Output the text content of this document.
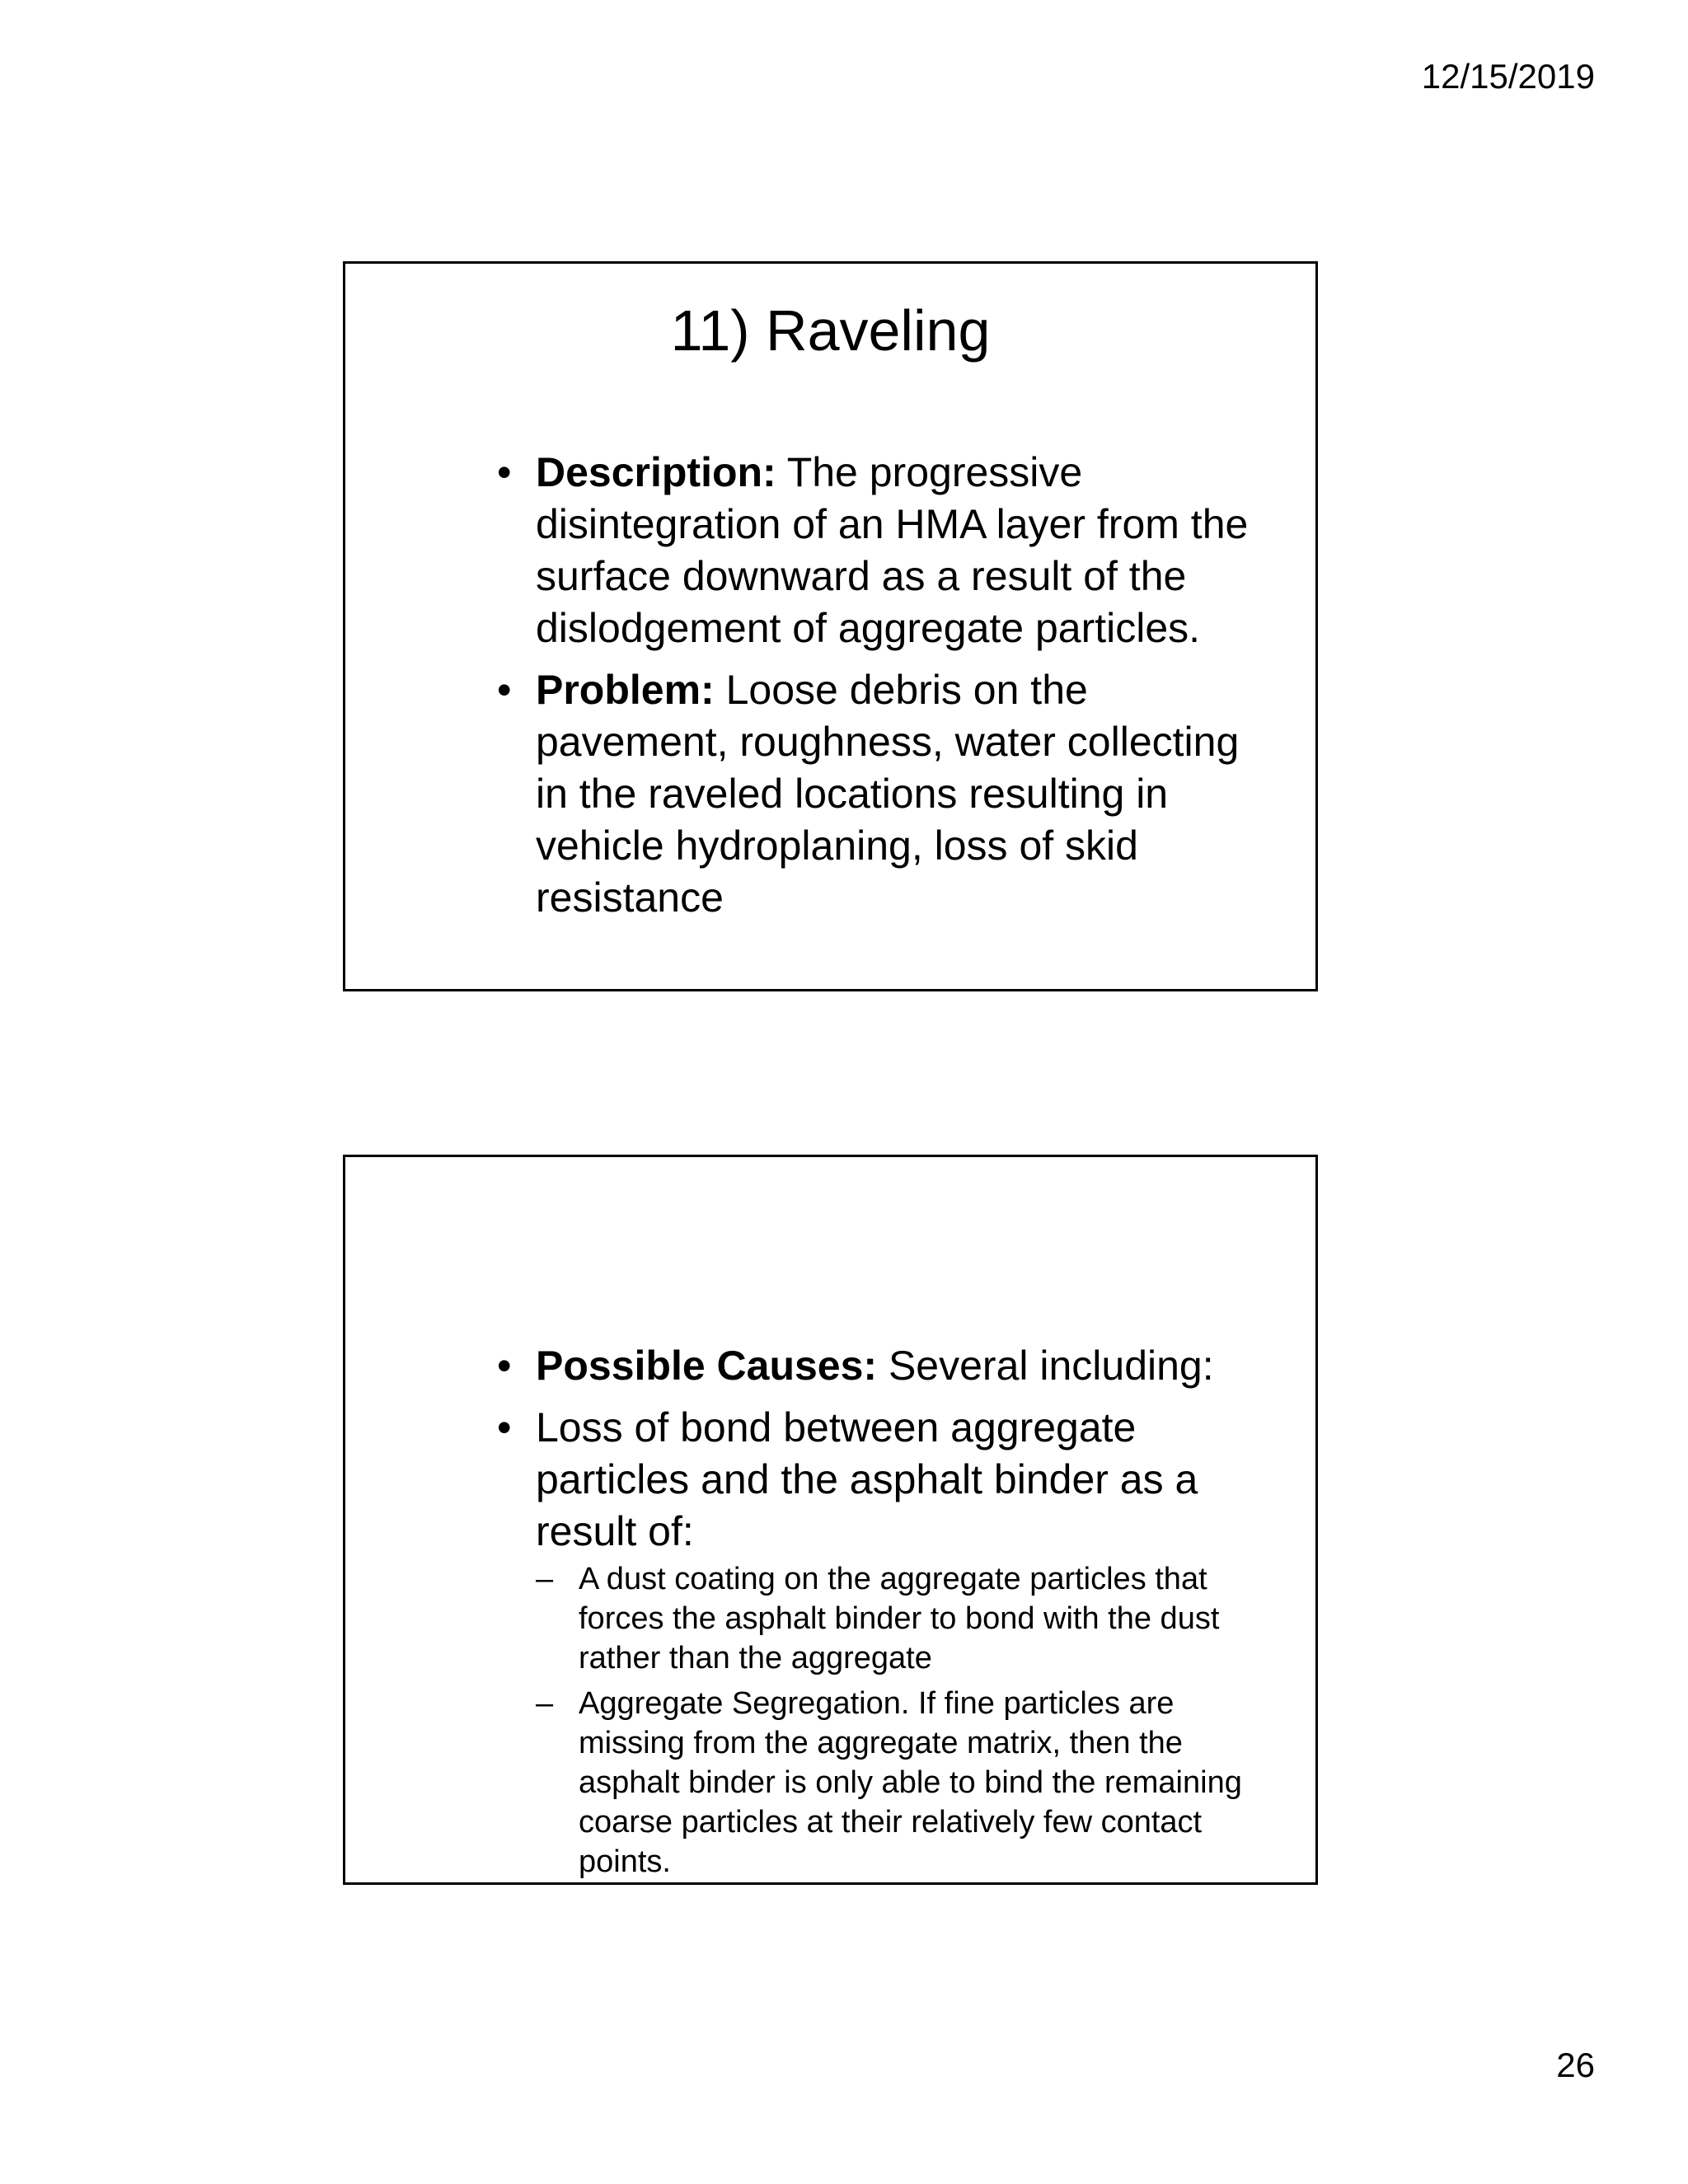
12/15/2019
11) Raveling
• Description: The progressive disintegration of an HMA layer from the surface downward as a result of the dislodgement of aggregate particles.
• Problem: Loose debris on the pavement, roughness, water collecting in the raveled locations resulting in vehicle hydroplaning, loss of skid resistance
• Possible Causes: Several including:
• Loss of bond between aggregate particles and the asphalt binder as a result of:
– A dust coating on the aggregate particles that forces the asphalt binder to bond with the dust rather than the aggregate
– Aggregate Segregation. If fine particles are missing from the aggregate matrix, then the asphalt binder is only able to bind the remaining coarse particles at their relatively few contact points.
26
